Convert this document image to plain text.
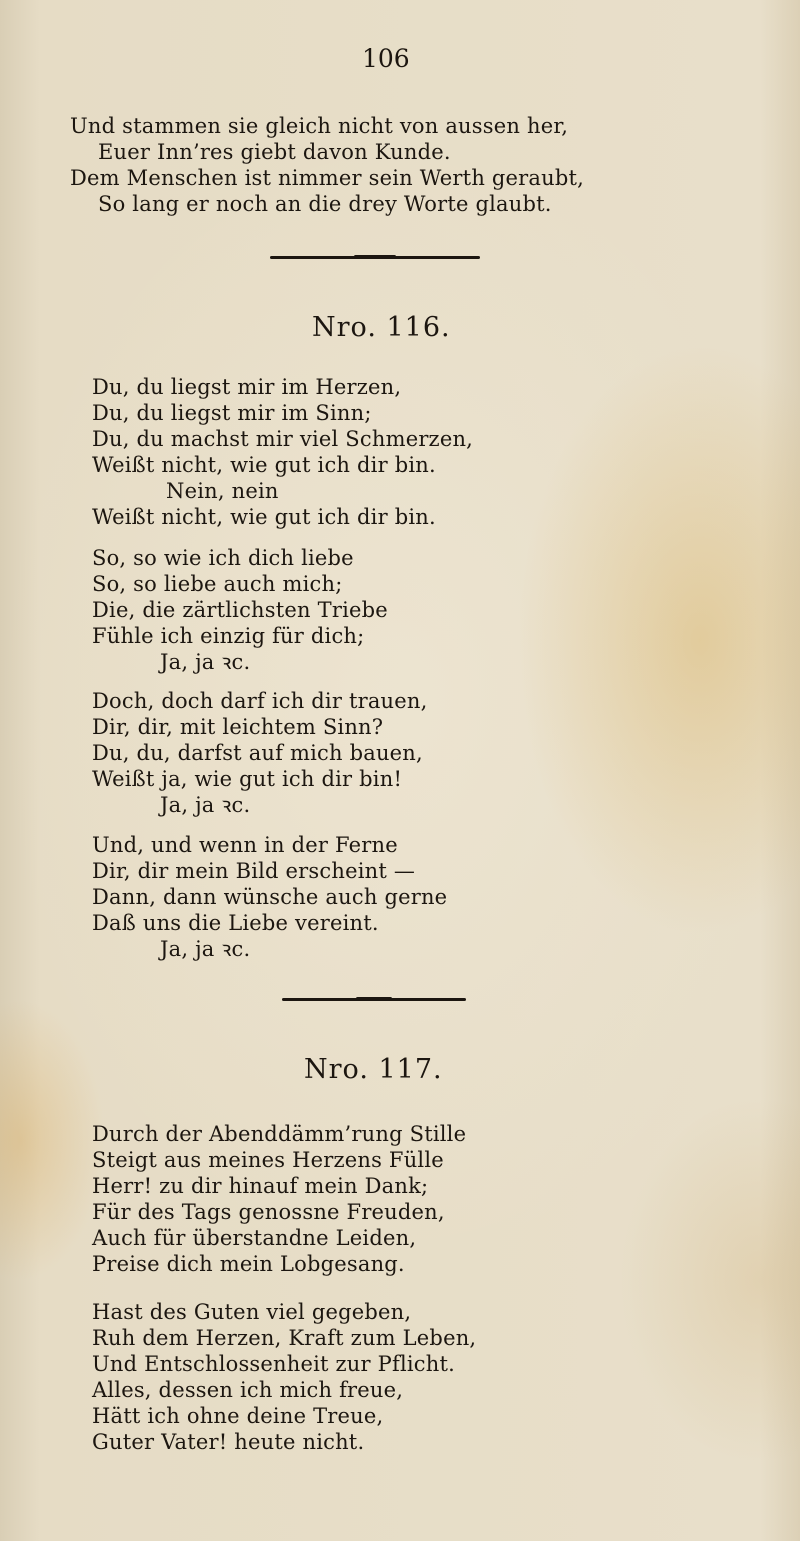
106
Und stammen sie gleich nicht von aussen her,
Euer Inn’res giebt davon Kunde.
Dem Menschen ist nimmer sein Werth geraubt,
So lang er noch an die drey Worte glaubt.
Nro. 116.
Du, du liegst mir im Herzen,
Du, du liegst mir im Sinn;
Du, du machst mir viel Schmerzen,
Weißt nicht, wie gut ich dir bin.
Nein, nein
Weißt nicht, wie gut ich dir bin.
So, so wie ich dich liebe
So, so liebe auch mich;
Die, die zärtlichsten Triebe
Fühle ich einzig für dich;
Ja, ja ꝛc.
Doch, doch darf ich dir trauen,
Dir, dir, mit leichtem Sinn?
Du, du, darfst auf mich bauen,
Weißt ja, wie gut ich dir bin!
Ja, ja ꝛc.
Und, und wenn in der Ferne
Dir, dir mein Bild erscheint —
Dann, dann wünsche auch gerne
Daß uns die Liebe vereint.
Ja, ja ꝛc.
Nro. 117.
Durch der Abenddämm’rung Stille
Steigt aus meines Herzens Fülle
Herr! zu dir hinauf mein Dank;
Für des Tags genossne Freuden,
Auch für überstandne Leiden,
Preise dich mein Lobgesang.
Hast des Guten viel gegeben,
Ruh dem Herzen, Kraft zum Leben,
Und Entschlossenheit zur Pflicht.
Alles, dessen ich mich freue,
Hätt ich ohne deine Treue,
Guter Vater! heute nicht.
